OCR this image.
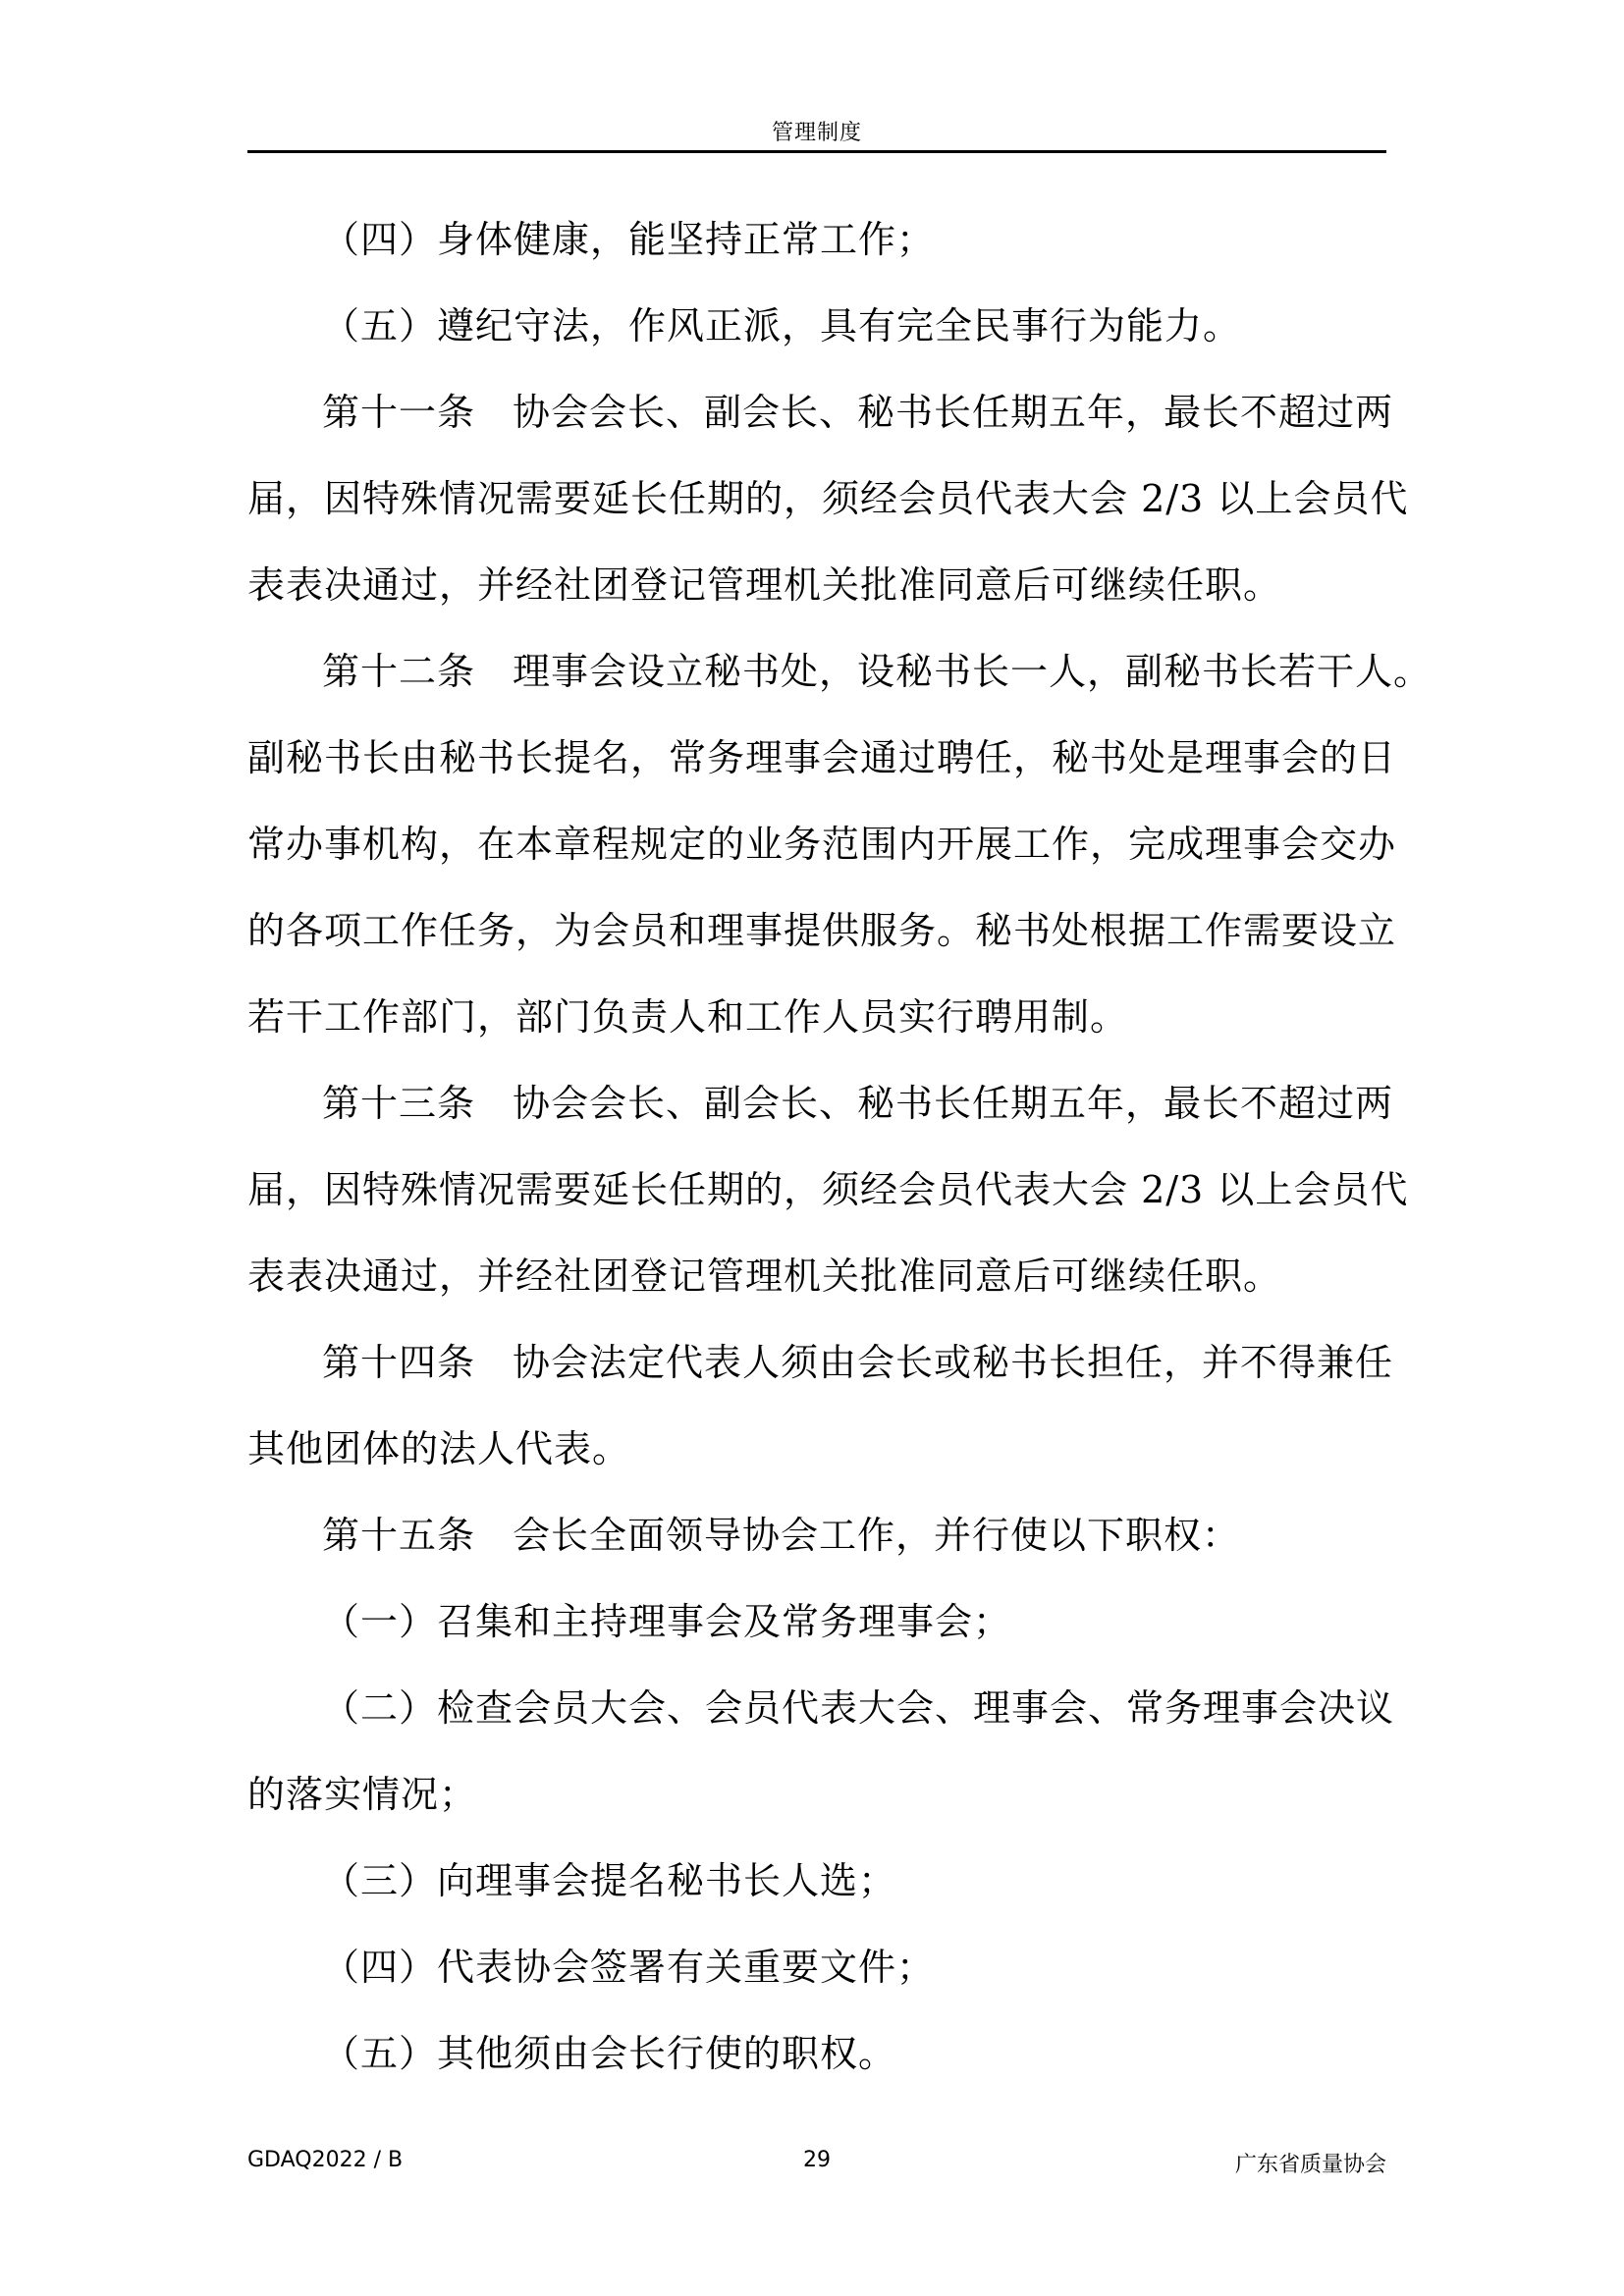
管理制度
（四）身体健康，能坚持正常工作；
（五）遵纪守法，作风正派，具有完全民事行为能力。
第十一条 协会会长、副会长、秘书长任期五年，最长不超过两
届，因特殊情况需要延长任期的，须经会员代表大会 2/3 以上会员代
表表决通过，并经社团登记管理机关批准同意后可继续任职。
第十二条 理事会设立秘书处，设秘书长一人，副秘书长若干人。
副秘书长由秘书长提名，常务理事会通过聘任，秘书处是理事会的日
常办事机构，在本章程规定的业务范围内开展工作，完成理事会交办
的各项工作任务，为会员和理事提供服务。秘书处根据工作需要设立
若干工作部门，部门负责人和工作人员实行聘用制。
第十三条 协会会长、副会长、秘书长任期五年，最长不超过两
届，因特殊情况需要延长任期的，须经会员代表大会 2/3 以上会员代
表表决通过，并经社团登记管理机关批准同意后可继续任职。
第十四条 协会法定代表人须由会长或秘书长担任，并不得兼任
其他团体的法人代表。
第十五条 会长全面领导协会工作，并行使以下职权：
（一）召集和主持理事会及常务理事会；
（二）检查会员大会、会员代表大会、理事会、常务理事会决议
的落实情况；
（三）向理事会提名秘书长人选；
（四）代表协会签署有关重要文件；
（五）其他须由会长行使的职权。
GDAQ2022 / B	29	广东省质量协会
